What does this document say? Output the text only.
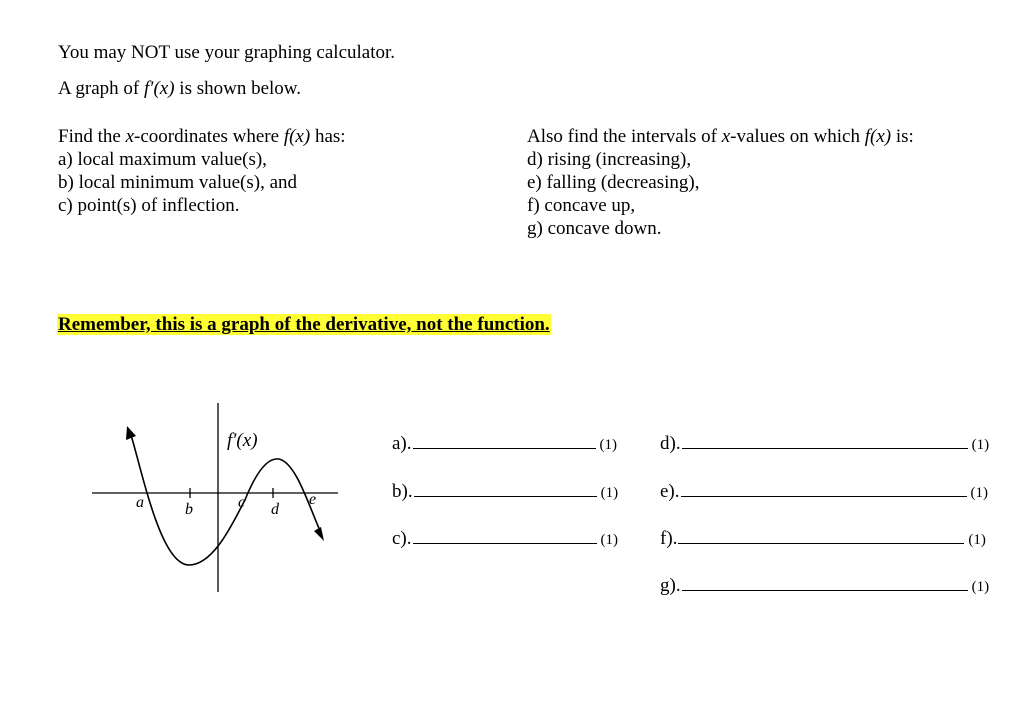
You may NOT use your graphing calculator.
A graph of f′(x) is shown below.
Find the x-coordinates where f(x) has:
a) local maximum value(s),
b) local minimum value(s), and
c) point(s) of inflection.
Also find the intervals of x-values on which f(x) is:
d) rising (increasing),
e) falling (decreasing),
f) concave up,
g) concave down.
Remember, this is a graph of the derivative, not the function.
f′(x)
a	b	c d
e
a).	(1)
b).	(1)
c).	(1)
d).	(1)
e).	(1)
f).	(1)
g).	(1)
